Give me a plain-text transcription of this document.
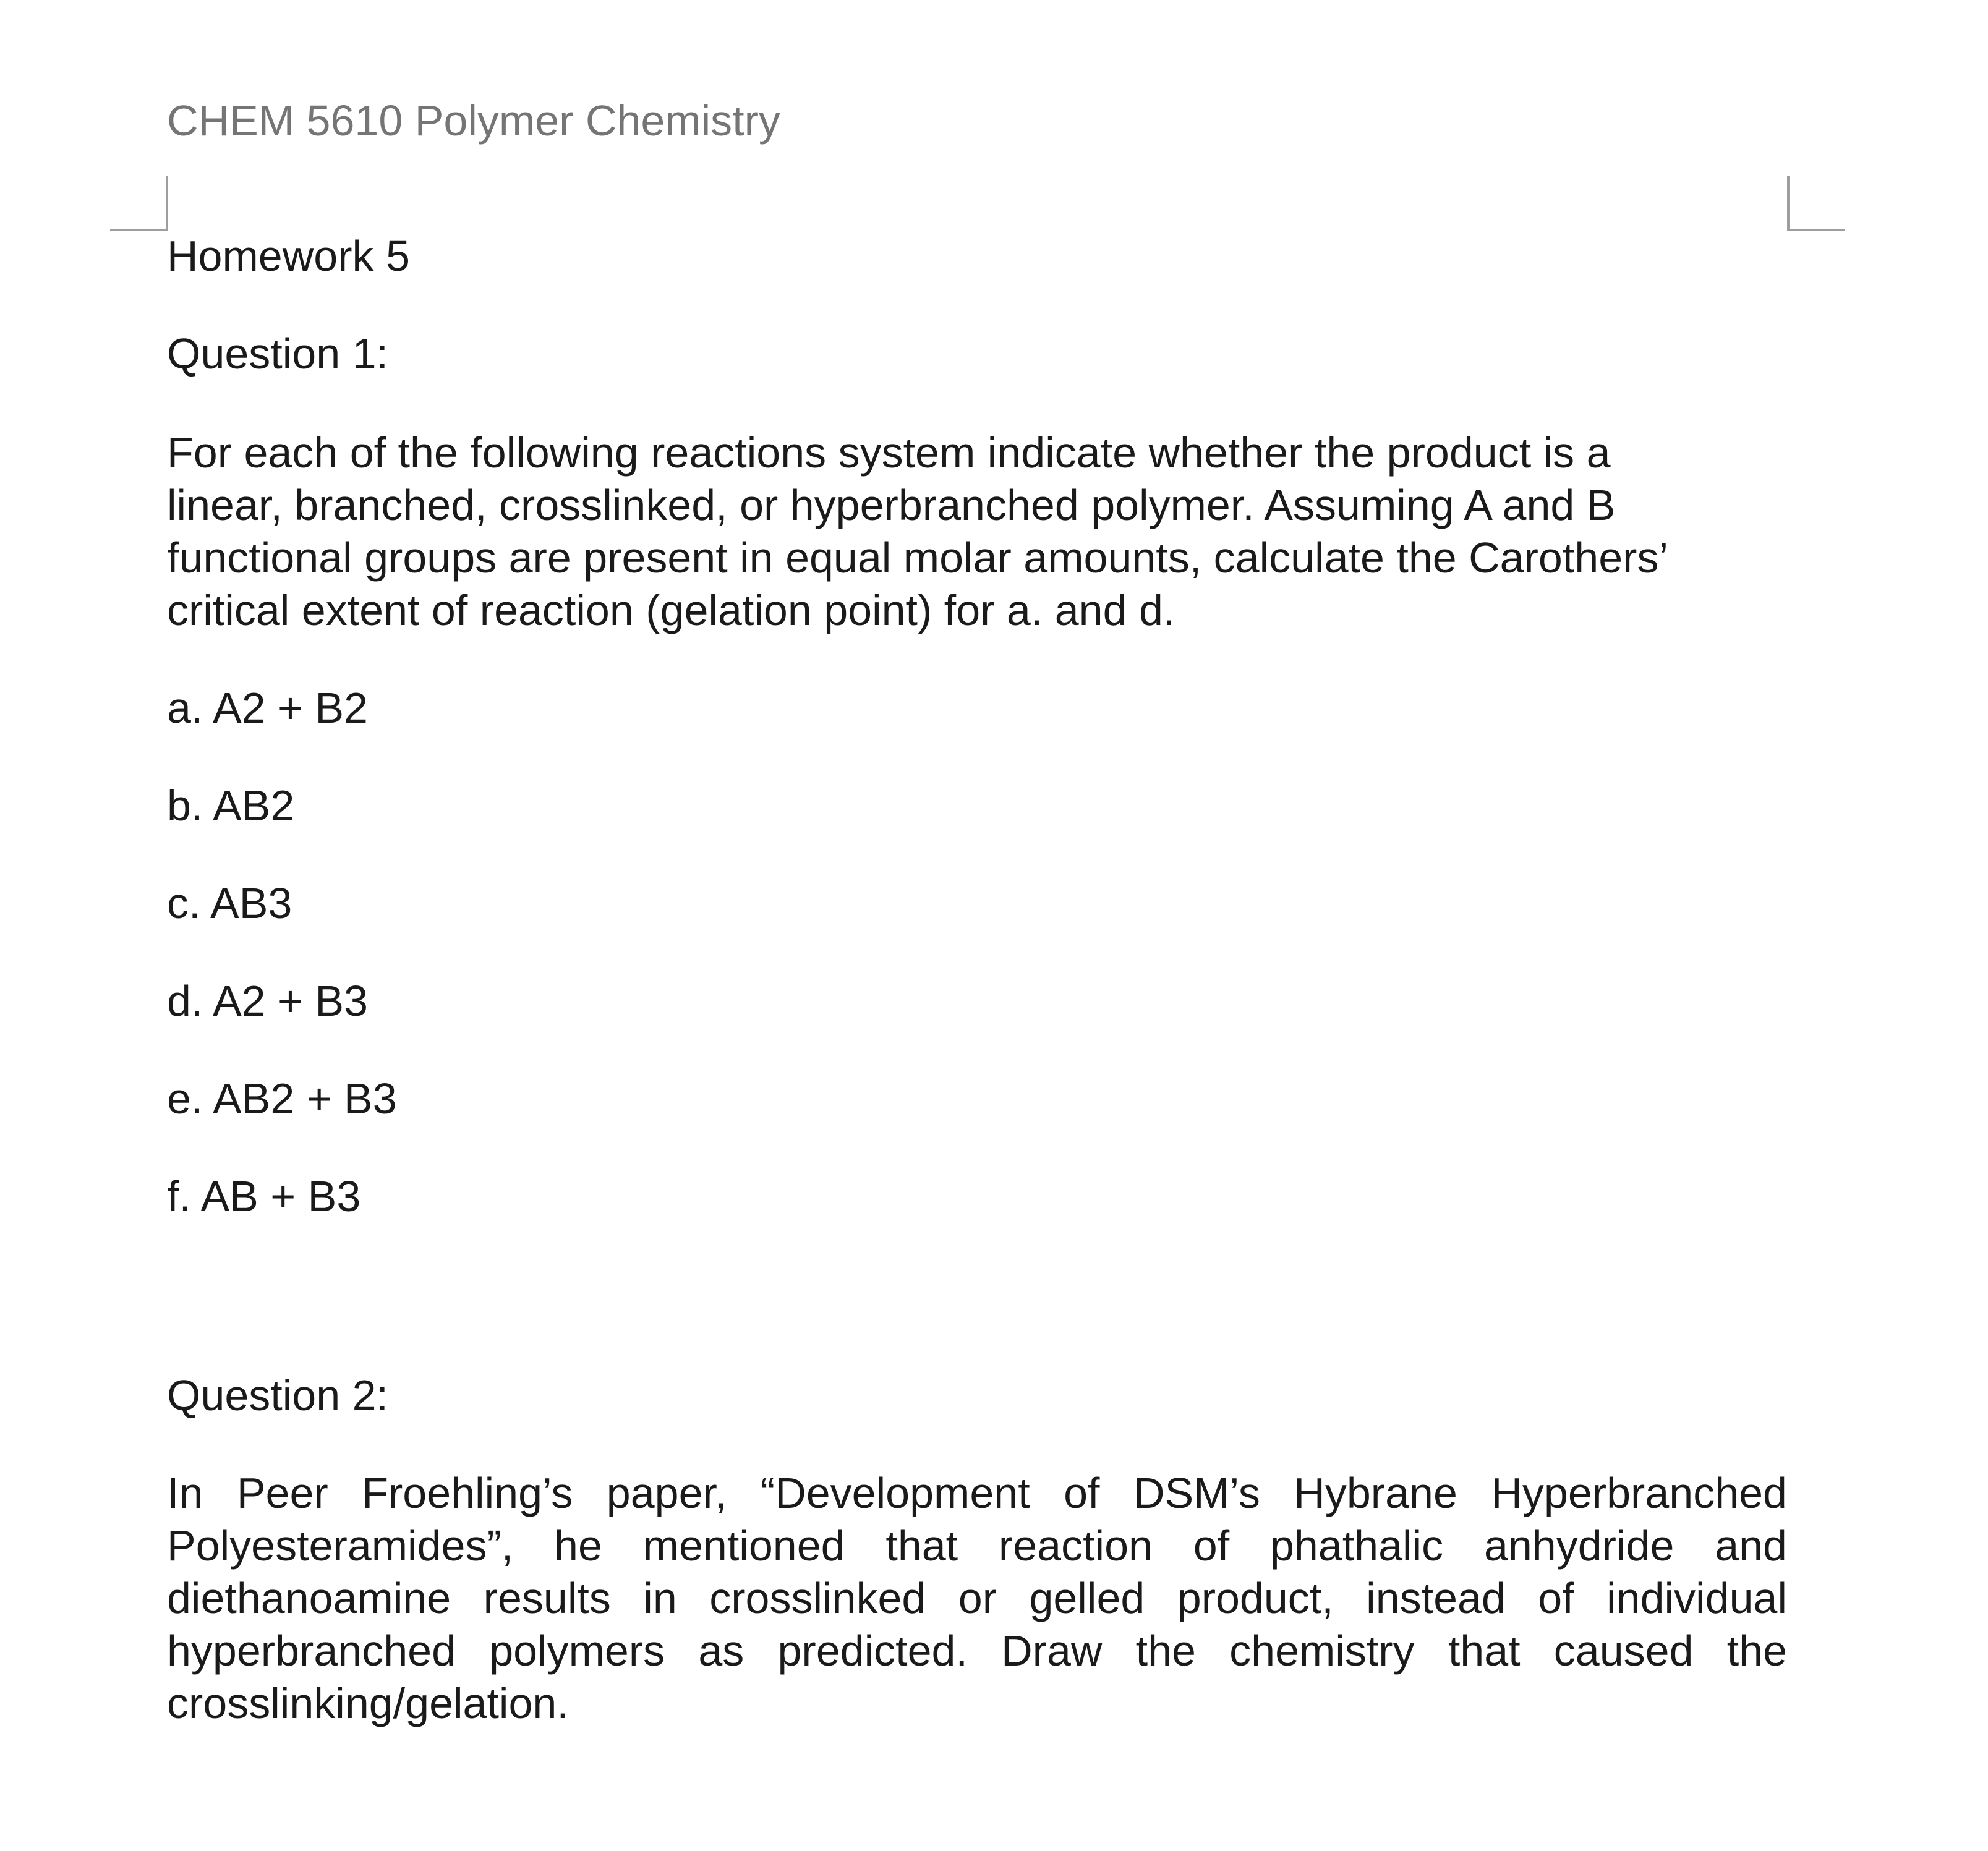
CHEM 5610 Polymer Chemistry
Homework 5
Question 1:
For each of the following reactions system indicate whether the product is a
linear, branched, crosslinked, or hyperbranched polymer. Assuming A and B
functional groups are present in equal molar amounts, calculate the Carothers’
critical extent of reaction (gelation point) for a. and d.
a. A2 + B2
b. AB2
c. AB3
d. A2 + B3
e. AB2 + B3
f. AB + B3
Question 2:
In Peer Froehling’s paper, “Development of DSM’s Hybrane Hyperbranched Polyesteramides”, he mentioned that reaction of phathalic anhydride and diethanoamine results in crosslinked or gelled product, instead of individual hyperbranched polymers as predicted. Draw the chemistry that caused the crosslinking/gelation.
